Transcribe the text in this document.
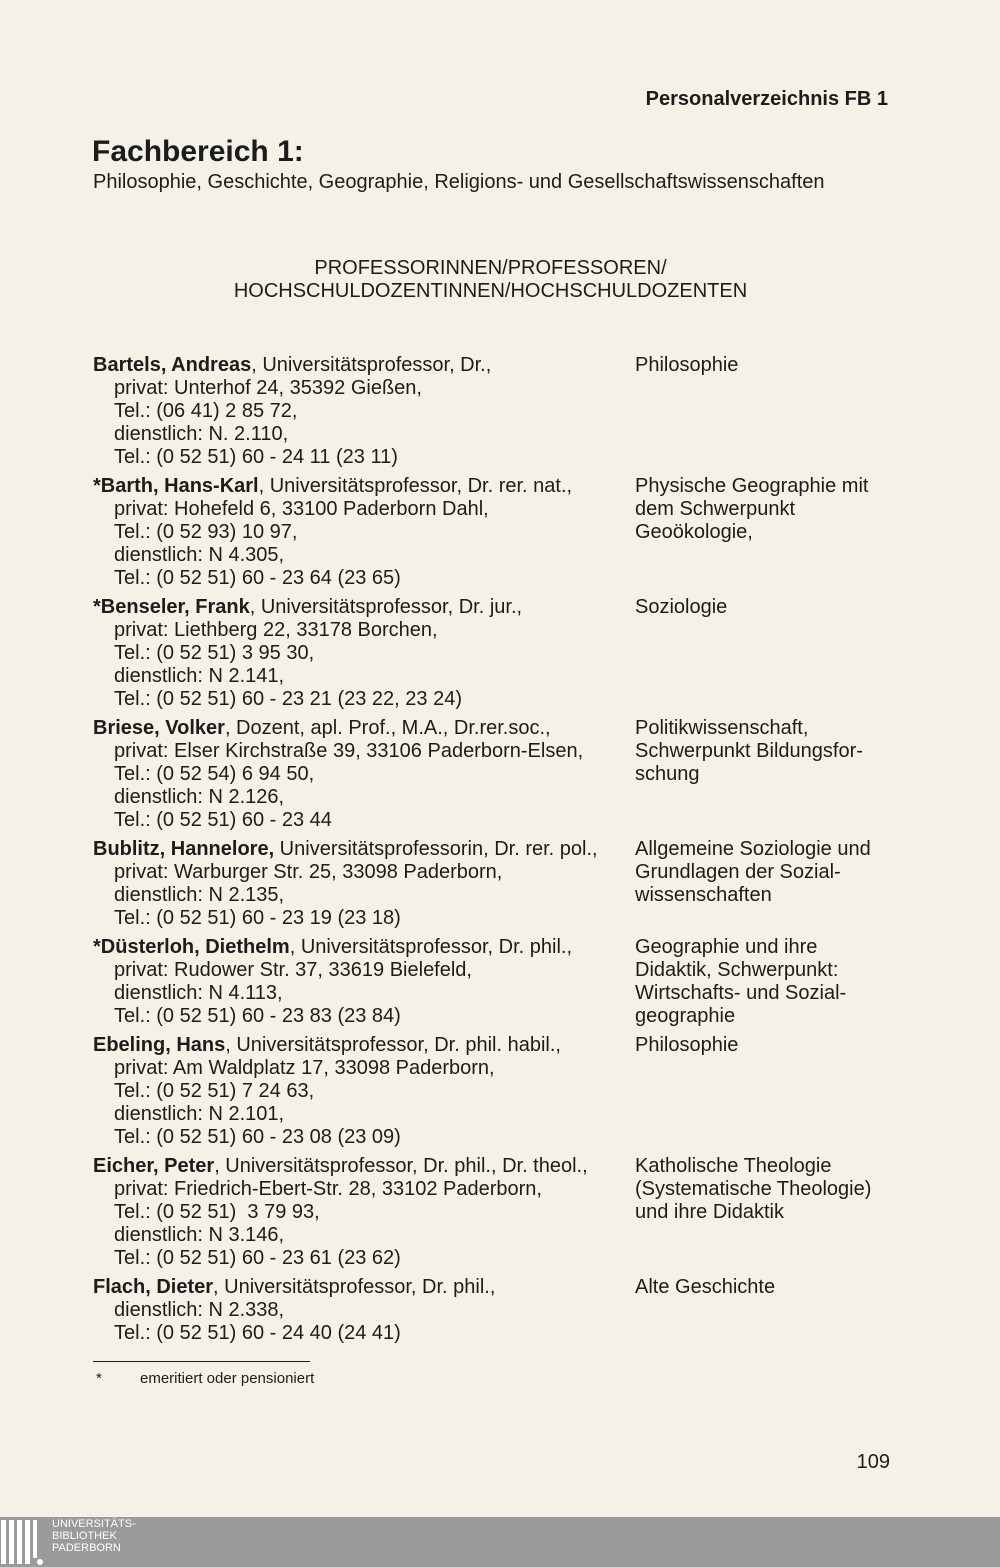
Personalverzeichnis FB 1
Fachbereich 1:
Philosophie, Geschichte, Geographie, Religions- und Gesellschaftswissenschaften
PROFESSORINNEN/PROFESSOREN/
HOCHSCHULDOZENTINNEN/HOCHSCHULDOZENTEN
Bartels, Andreas, Universitätsprofessor, Dr.,
privat: Unterhof 24, 35392 Gießen,
Tel.: (06 41) 2 85 72,
dienstlich: N. 2.110,
Tel.: (0 52 51) 60 - 24 11 (23 11)
Philosophie
*Barth, Hans-Karl, Universitätsprofessor, Dr. rer. nat.,
privat: Hohefeld 6, 33100 Paderborn Dahl,
Tel.: (0 52 93) 10 97,
dienstlich: N 4.305,
Tel.: (0 52 51) 60 - 23 64 (23 65)
Physische Geographie mit
dem Schwerpunkt
Geoökologie,
*Benseler, Frank, Universitätsprofessor, Dr. jur.,
privat: Liethberg 22, 33178 Borchen,
Tel.: (0 52 51) 3 95 30,
dienstlich: N 2.141,
Tel.: (0 52 51) 60 - 23 21 (23 22, 23 24)
Soziologie
Briese, Volker, Dozent, apl. Prof., M.A., Dr.rer.soc.,
privat: Elser Kirchstraße 39, 33106 Paderborn-Elsen,
Tel.: (0 52 54) 6 94 50,
dienstlich: N 2.126,
Tel.: (0 52 51) 60 - 23 44
Politikwissenschaft,
Schwerpunkt Bildungsfor-
schung
Bublitz, Hannelore, Universitätsprofessorin, Dr. rer. pol.,
privat: Warburger Str. 25, 33098 Paderborn,
dienstlich: N 2.135,
Tel.: (0 52 51) 60 - 23 19 (23 18)
Allgemeine Soziologie und
Grundlagen der Sozial-
wissenschaften
*Düsterloh, Diethelm, Universitätsprofessor, Dr. phil.,
privat: Rudower Str. 37, 33619 Bielefeld,
dienstlich: N 4.113,
Tel.: (0 52 51) 60 - 23 83 (23 84)
Geographie und ihre
Didaktik, Schwerpunkt:
Wirtschafts- und Sozial-
geographie
Ebeling, Hans, Universitätsprofessor, Dr. phil. habil.,
privat: Am Waldplatz 17, 33098 Paderborn,
Tel.: (0 52 51) 7 24 63,
dienstlich: N 2.101,
Tel.: (0 52 51) 60 - 23 08 (23 09)
Philosophie
Eicher, Peter, Universitätsprofessor, Dr. phil., Dr. theol.,
privat: Friedrich-Ebert-Str. 28, 33102 Paderborn,
Tel.: (0 52 51)  3 79 93,
dienstlich: N 3.146,
Tel.: (0 52 51) 60 - 23 61 (23 62)
Katholische Theologie
(Systematische Theologie)
und ihre Didaktik
Flach, Dieter, Universitätsprofessor, Dr. phil.,
dienstlich: N 2.338,
Tel.: (0 52 51) 60 - 24 40 (24 41)
Alte Geschichte
*	emeritiert oder pensioniert
109
UNIVERSITÄTS-
BIBLIOTHEK
PADERBORN
